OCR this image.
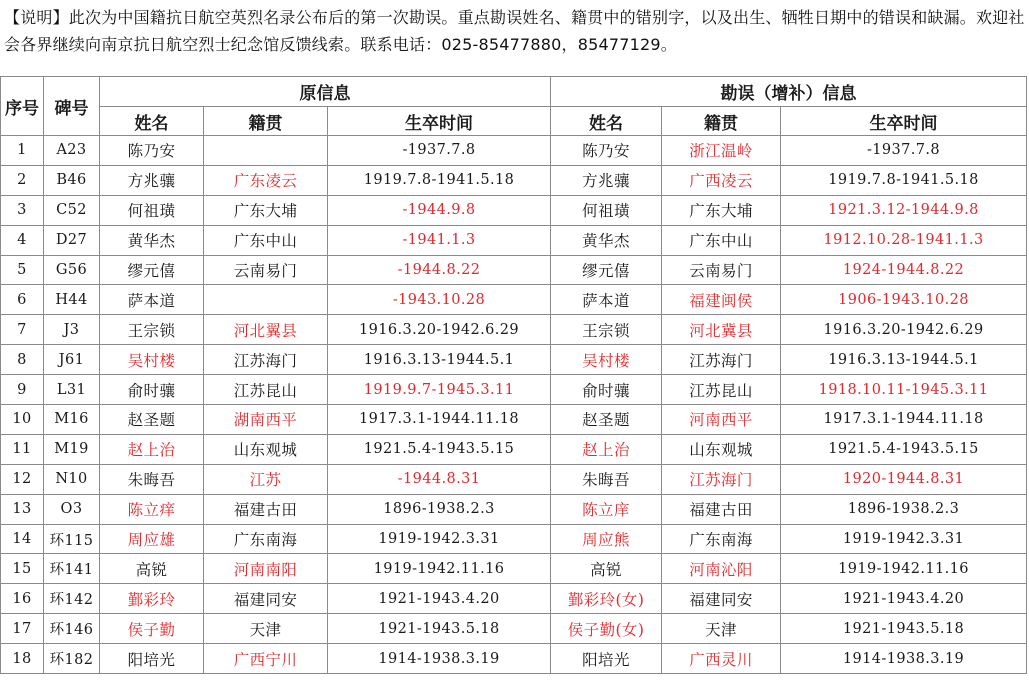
【说明】此次为中国籍抗日航空英烈名录公布后的第一次勘误。重点勘误姓名、籍贯中的错别字，以及出生、牺牲日期中的错误和缺漏。欢迎社会各界继续向南京抗日航空烈士纪念馆反馈线索。联系电话：025-85477880，85477129。
序号	碑号	原信息			勘误（增补）信息		
		姓名	籍贯	生卒时间	姓名	籍贯	生卒时间
1	A23	陈乃安		-1937.7.8	陈乃安	浙江温岭	-1937.7.8
2	B46	方兆骧	广东凌云	1919.7.8-1941.5.18	方兆骧	广西凌云	1919.7.8-1941.5.18
3	C52	何祖璜	广东大埔	-1944.9.8	何祖璜	广东大埔	1921.3.12-1944.9.8
4	D27	黄华杰	广东中山	-1941.1.3	黄华杰	广东中山	1912.10.28-1941.1.3
5	G56	缪元僖	云南易门	-1944.8.22	缪元僖	云南易门	1924-1944.8.22
6	H44	萨本道		-1943.10.28	萨本道	福建闽侯	1906-1943.10.28
7	J3	王宗锁	河北翼县	1916.3.20-1942.6.29	王宗锁	河北冀县	1916.3.20-1942.6.29
8	J61	吴村楼	江苏海门	1916.3.13-1944.5.1	吴村楼	江苏海门	1916.3.13-1944.5.1
9	L31	俞时骧	江苏昆山	1919.9.7-1945.3.11	俞时骧	江苏昆山	1918.10.11-1945.3.11
10	M16	赵圣题	湖南西平	1917.3.1-1944.11.18	赵圣题	河南西平	1917.3.1-1944.11.18
11	M19	赵上治	山东观城	1921.5.4-1943.5.15	赵上治	山东观城	1921.5.4-1943.5.15
12	N10	朱晦吾	江苏	-1944.8.31	朱晦吾	江苏海门	1920-1944.8.31
13	O3	陈立痒	福建古田	1896-1938.2.3	陈立庠	福建古田	1896-1938.2.3
14	环115	周应雄	广东南海	1919-1942.3.31	周应熊	广东南海	1919-1942.3.31
15	环141	高锐	河南南阳	1919-1942.11.16	高锐	河南沁阳	1919-1942.11.16
16	环142	鄞彩玲	福建同安	1921-1943.4.20	鄞彩玲(女)	福建同安	1921-1943.4.20
17	环146	侯子勤	天津	1921-1943.5.18	侯子勤(女)	天津	1921-1943.5.18
18	环182	阳培光	广西宁川	1914-1938.3.19	阳培光	广西灵川	1914-1938.3.19
